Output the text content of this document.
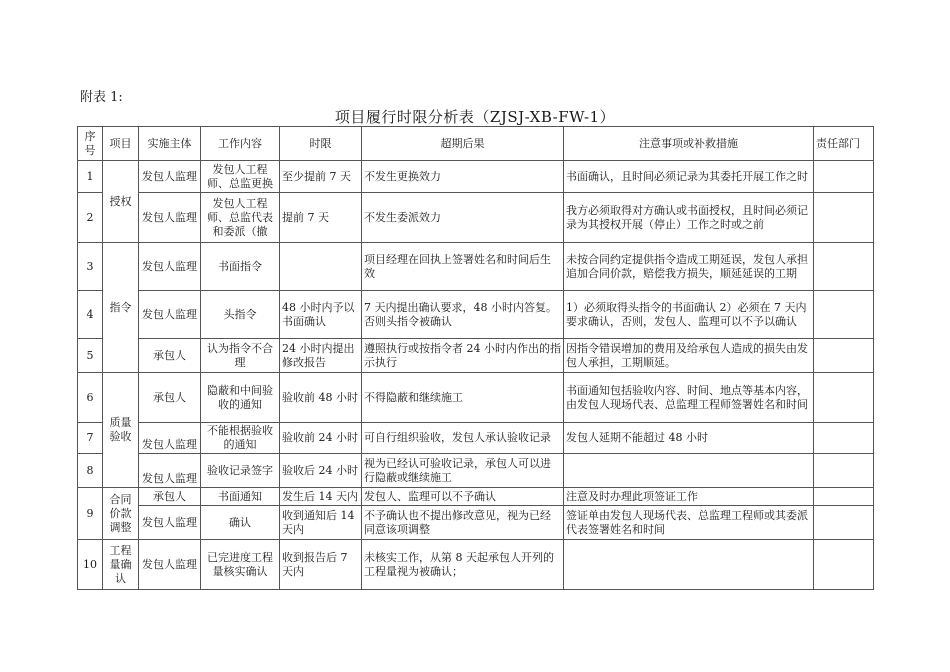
附表 1:
项目履行时限分析表（ZJSJ-XB-FW-1）
序号	项目	实施主体	工作内容	时限	超期后果	注意事项或补救措施	责任部门
1	授权	发包人监理	发包人工程师、总监更换	至少提前 7 天	不发生更换效力	书面确认，且时间必须记录为其委托开展工作之时	
2		发包人监理	发包人工程师、总监代表和委派（撤	提前 7 天	不发生委派效力	我方必须取得对方确认或书面授权，且时间必须记录为其授权开展（停止）工作之时或之前	
3	指令	发包人监理	书面指令		项目经理在回执上签署姓名和时间后生效	未按合同约定提供指令造成工期延误，发包人承担追加合同价款，赔偿我方损失，顺延延误的工期	
4		发包人监理	头指令	48 小时内予以书面确认	7 天内提出确认要求，48 小时内答复。否则头指令被确认	1）必须取得头指令的书面确认 2）必须在 7 天内要求确认，否则，发包人、监理可以不予以确认	
5		承包人	认为指令不合理	24 小时内提出修改报告	遵照执行或按指令者 24 小时内作出的指示执行	因指令错误增加的费用及给承包人造成的损失由发包人承担，工期顺延。	
6	质量验收	承包人	隐蔽和中间验收的通知	验收前 48 小时	不得隐蔽和继续施工	书面通知包括验收内容、时间、地点等基本内容，由发包人现场代表、总监理工程师签署姓名和时间	
7		发包人监理	不能根据验收的通知	验收前 24 小时	可自行组织验收，发包人承认验收记录	发包人延期不能超过 48 小时	
8		发包人监理	验收记录签字	验收后 24 小时	视为已经认可验收记录，承包人可以进行隐蔽或继续施工		
9	合同价款调整	承包人	书面通知	发生后 14 天内	发包人、监理可以不予确认	注意及时办理此项签证工作	
		发包人监理	确认	收到通知后 14 天内	不予确认也不提出修改意见，视为已经同意该项调整	签证单由发包人现场代表、总监理工程师或其委派代表签署姓名和时间	
10	工程量确认	发包人监理	已完进度工程量核实确认	收到报告后 7 天内	未核实工作，从第 8 天起承包人开列的工程量视为被确认；		
